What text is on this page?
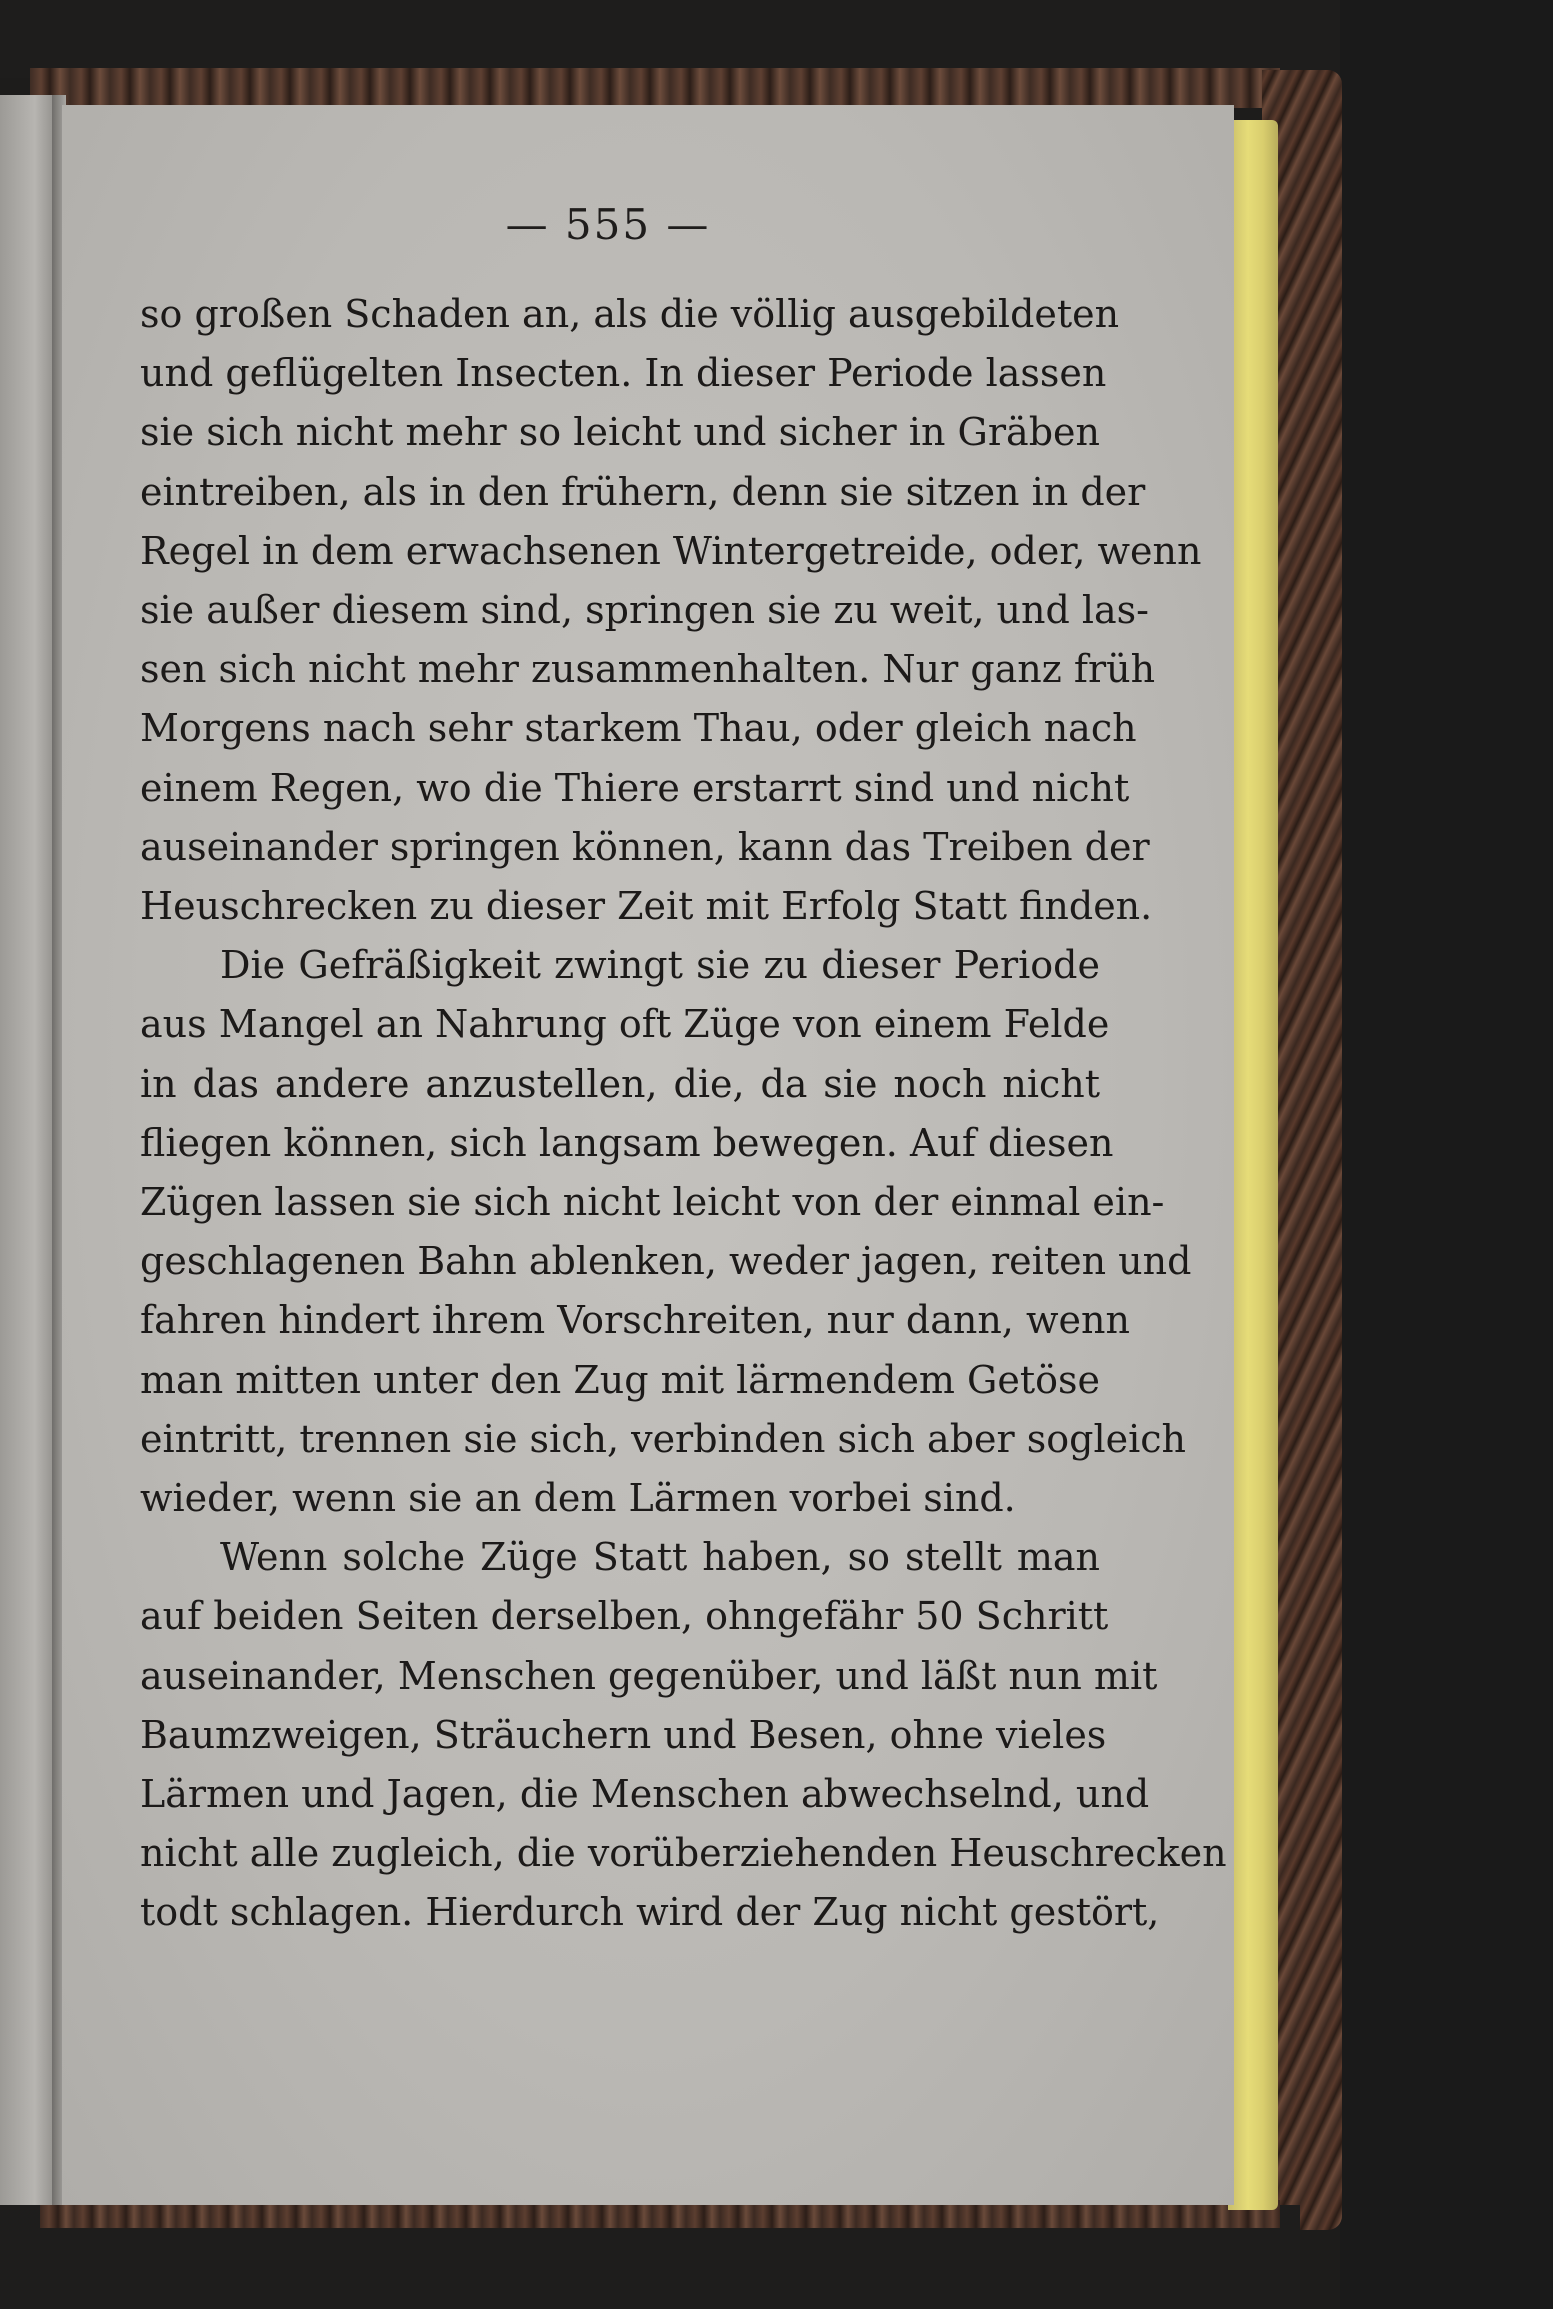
— 555 —
so großen Schaden an, als die völlig ausgebildeten
und geflügelten Insecten. In dieser Periode lassen
sie sich nicht mehr so leicht und sicher in Gräben
eintreiben, als in den frühern, denn sie sitzen in der
Regel in dem erwachsenen Wintergetreide, oder, wenn
sie außer diesem sind, springen sie zu weit, und las-
sen sich nicht mehr zusammenhalten. Nur ganz früh
Morgens nach sehr starkem Thau, oder gleich nach
einem Regen, wo die Thiere erstarrt sind und nicht
auseinander springen können, kann das Treiben der
Heuschrecken zu dieser Zeit mit Erfolg Statt finden.
Die Gefräßigkeit zwingt sie zu dieser Periode
aus Mangel an Nahrung oft Züge von einem Felde
in das andere anzustellen, die, da sie noch nicht
fliegen können, sich langsam bewegen. Auf diesen
Zügen lassen sie sich nicht leicht von der einmal ein-
geschlagenen Bahn ablenken, weder jagen, reiten und
fahren hindert ihrem Vorschreiten, nur dann, wenn
man mitten unter den Zug mit lärmendem Getöse
eintritt, trennen sie sich, verbinden sich aber sogleich
wieder, wenn sie an dem Lärmen vorbei sind.
Wenn solche Züge Statt haben, so stellt man
auf beiden Seiten derselben, ohngefähr 50 Schritt
auseinander, Menschen gegenüber, und läßt nun mit
Baumzweigen, Sträuchern und Besen, ohne vieles
Lärmen und Jagen, die Menschen abwechselnd, und
nicht alle zugleich, die vorüberziehenden Heuschrecken
todt schlagen. Hierdurch wird der Zug nicht gestört,
